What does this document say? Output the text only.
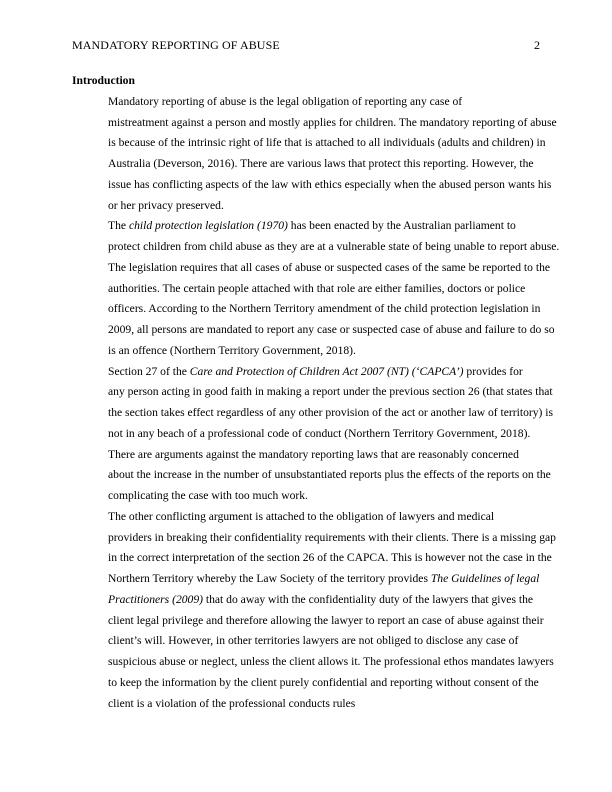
MANDATORY REPORTING OF ABUSE	2
Introduction

Mandatory reporting of abuse is the legal obligation of reporting any case of
mistreatment against a person and mostly applies for children. The mandatory reporting of abuse
is because of the intrinsic right of life that is attached to all individuals (adults and children) in
Australia (Deverson, 2016). There are various laws that protect this reporting. However, the
issue has conflicting aspects of the law with ethics especially when the abused person wants his
or her privacy preserved.

The child protection legislation (1970) has been enacted by the Australian parliament to
protect children from child abuse as they are at a vulnerable state of being unable to report abuse.
The legislation requires that all cases of abuse or suspected cases of the same be reported to the
authorities. The certain people attached with that role are either families, doctors or police
officers. According to the Northern Territory amendment of the child protection legislation in
2009, all persons are mandated to report any case or suspected case of abuse and failure to do so
is an offence (Northern Territory Government, 2018).

Section 27 of the Care and Protection of Children Act 2007 (NT) (‘CAPCA’) provides for
any person acting in good faith in making a report under the previous section 26 (that states that
the section takes effect regardless of any other provision of the act or another law of territory) is
not in any beach of a professional code of conduct (Northern Territory Government, 2018).

There are arguments against the mandatory reporting laws that are reasonably concerned
about the increase in the number of unsubstantiated reports plus the effects of the reports on the
complicating the case with too much work.

The other conflicting argument is attached to the obligation of lawyers and medical
providers in breaking their confidentiality requirements with their clients. There is a missing gap
in the correct interpretation of the section 26 of the CAPCA. This is however not the case in the
Northern Territory whereby the Law Society of the territory provides The Guidelines of legal
Practitioners (2009) that do away with the confidentiality duty of the lawyers that gives the
client legal privilege and therefore allowing the lawyer to report an case of abuse against their
client’s will. However, in other territories lawyers are not obliged to disclose any case of
suspicious abuse or neglect, unless the client allows it. The professional ethos mandates lawyers
to keep the information by the client purely confidential and reporting without consent of the
client is a violation of the professional conducts rules
